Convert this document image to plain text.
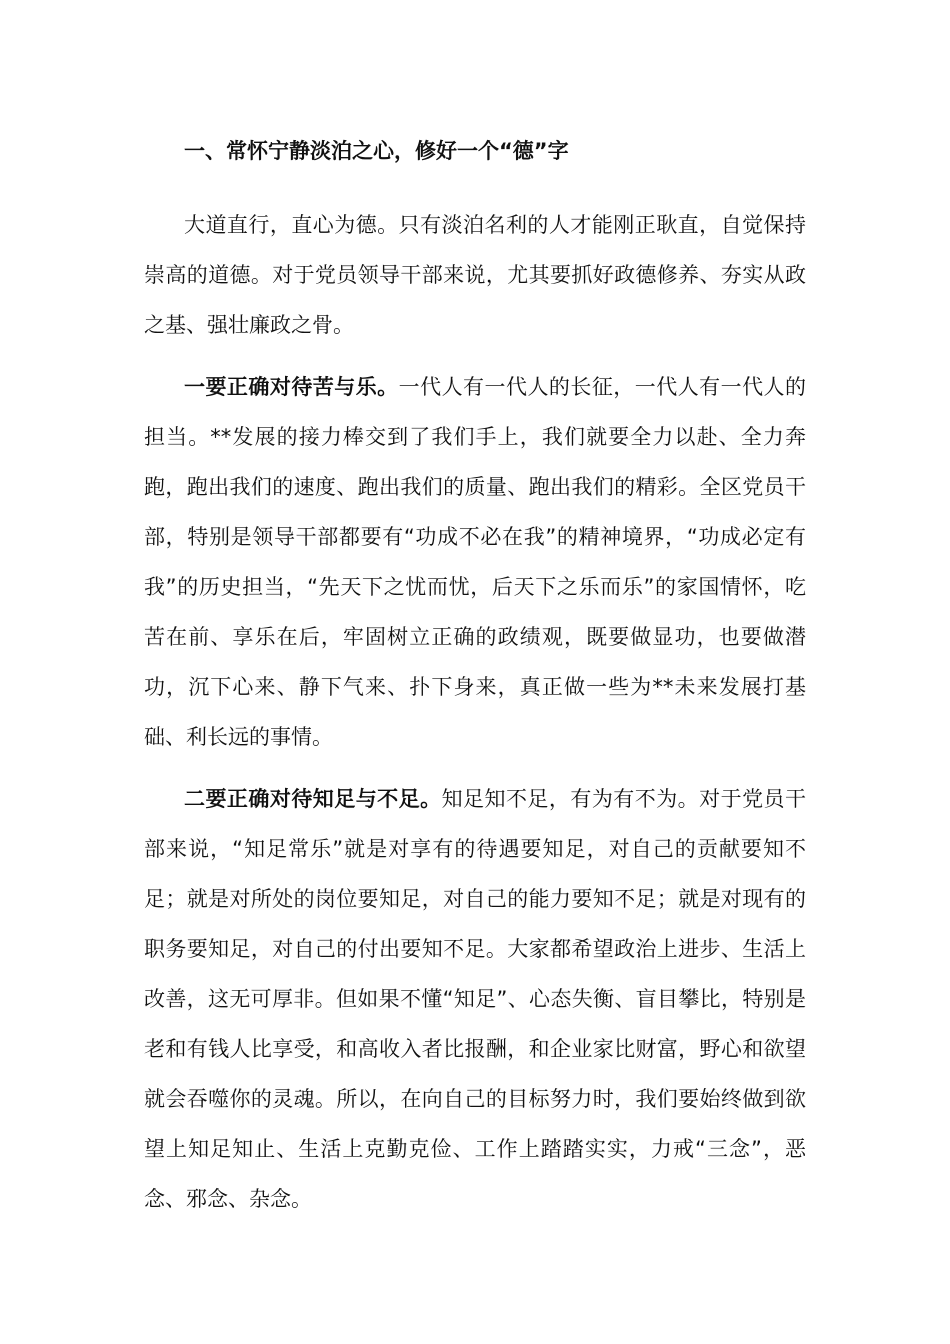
一、常怀宁静淡泊之心，修好一个“德”字

大道直行，直心为德。只有淡泊名利的人才能刚正耿直，自觉保持崇高的道德。对于党员领导干部来说，尤其要抓好政德修养、夯实从政之基、强壮廉政之骨。

一要正确对待苦与乐。一代人有一代人的长征，一代人有一代人的担当。**发展的接力棒交到了我们手上，我们就要全力以赴、全力奔跑，跑出我们的速度、跑出我们的质量、跑出我们的精彩。全区党员干部，特别是领导干部都要有“功成不必在我”的精神境界，“功成必定有我”的历史担当，“先天下之忧而忧，后天下之乐而乐”的家国情怀，吃苦在前、享乐在后，牢固树立正确的政绩观，既要做显功，也要做潜功，沉下心来、静下气来、扑下身来，真正做一些为**未来发展打基础、利长远的事情。

二要正确对待知足与不足。知足知不足，有为有不为。对于党员干部来说，“知足常乐”就是对享有的待遇要知足，对自己的贡献要知不足；就是对所处的岗位要知足，对自己的能力要知不足；就是对现有的职务要知足，对自己的付出要知不足。大家都希望政治上进步、生活上改善，这无可厚非。但如果不懂“知足”、心态失衡、盲目攀比，特别是老和有钱人比享受，和高收入者比报酬，和企业家比财富，野心和欲望就会吞噬你的灵魂。所以，在向自己的目标努力时，我们要始终做到欲望上知足知止、生活上克勤克俭、工作上踏踏实实，力戒“三念”，恶念、邪念、杂念。
